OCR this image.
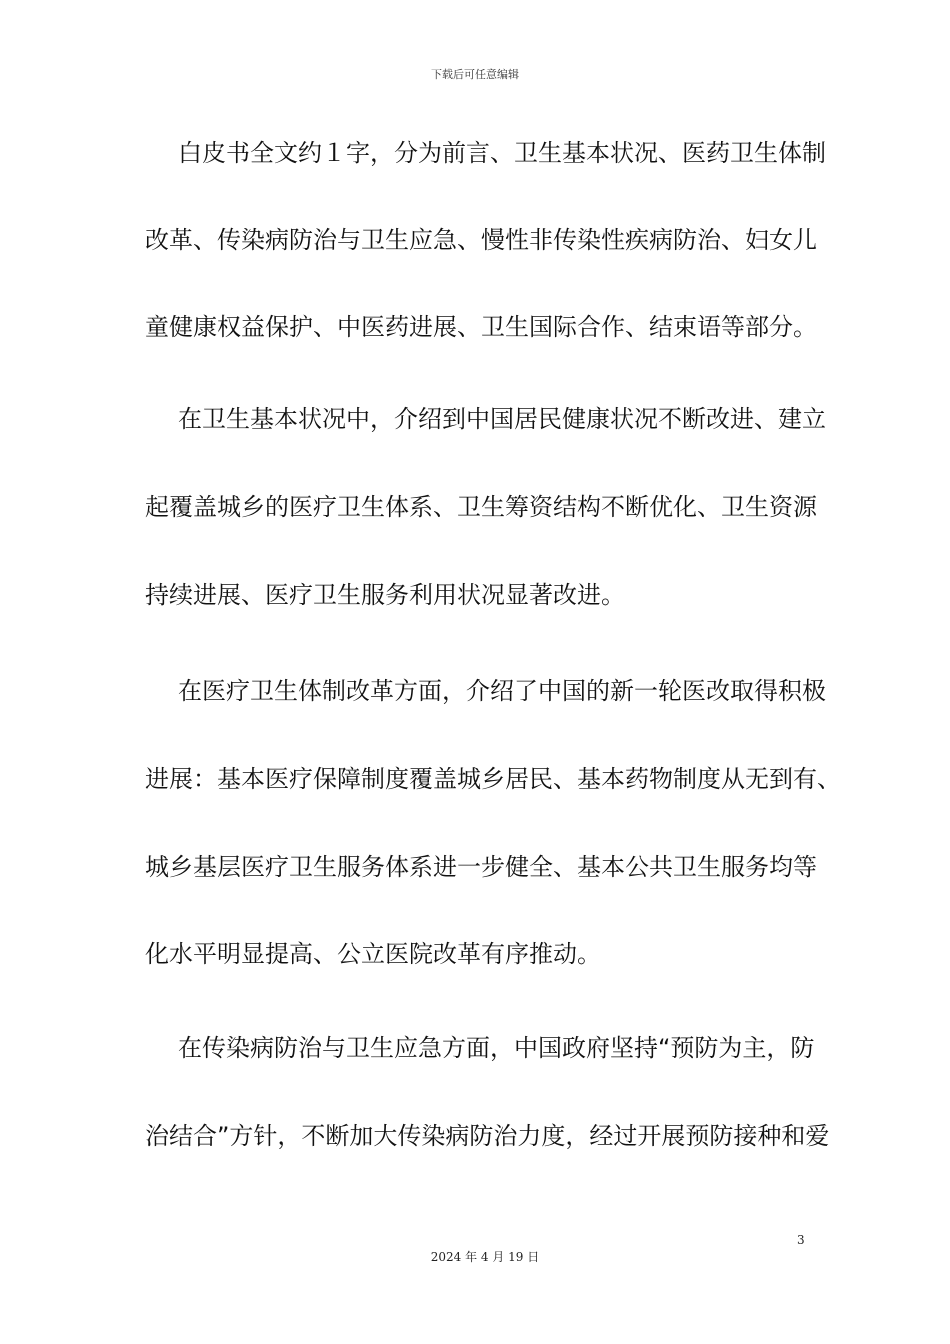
下载后可任意编辑
白皮书全文约１字，分为前言、卫生基本状况、医药卫生体制
改革、传染病防治与卫生应急、慢性非传染性疾病防治、妇女儿
童健康权益保护、中医药进展、卫生国际合作、结束语等部分。
在卫生基本状况中，介绍到中国居民健康状况不断改进、建立
起覆盖城乡的医疗卫生体系、卫生筹资结构不断优化、卫生资源
持续进展、医疗卫生服务利用状况显著改进。
在医疗卫生体制改革方面，介绍了中国的新一轮医改取得积极
进展：基本医疗保障制度覆盖城乡居民、基本药物制度从无到有、
城乡基层医疗卫生服务体系进一步健全、基本公共卫生服务均等
化水平明显提高、公立医院改革有序推动。
在传染病防治与卫生应急方面，中国政府坚持“预防为主，防
治结合”方针，不断加大传染病防治力度，经过开展预防接种和爱
3
2024 年 4 月 19 日
